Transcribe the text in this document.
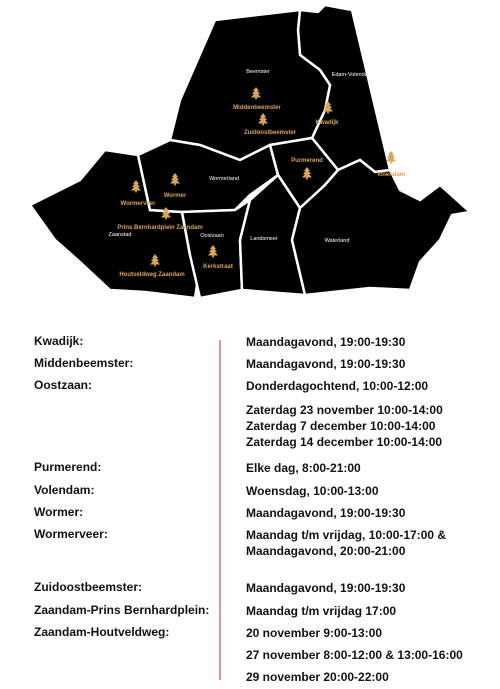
Beemster	Edam-Volendam
Wormerland
Zaanstad	Oostzaan	Landsmeer	Waterland
Middenbeemster
Zuidoostbeemster
Kwadijk
Purmerend
Volendam
Wormerveer
Wormer
Prins Bernhardplein Zaandam
Houtveldweg Zaandam
Kerkstraat
Kwadijk:	Maandagavond, 19:00-19:30
Middenbeemster:	Maandagavond, 19:00-19:30
Oostzaan:	Donderdagochtend, 10:00-12:00
Zaterdag 23 november 10:00-14:00
Zaterdag 7 december 10:00-14:00
Zaterdag 14 december 10:00-14:00
Purmerend:	Elke dag, 8:00-21:00
Volendam:	Woensdag, 10:00-13:00
Wormer:	Maandagavond, 19:00-19:30
Wormerveer:	Maandag t/m vrijdag, 10:00-17:00 &
Maandagavond, 20:00-21:00
Zuidoostbeemster:	Maandagavond, 19:00-19:30
Zaandam-Prins Bernhardplein:	Maandag t/m vrijdag 17:00
Zaandam-Houtveldweg:	20 november 9:00-13:00
27 november 8:00-12:00 & 13:00-16:00
29 november 20:00-22:00
